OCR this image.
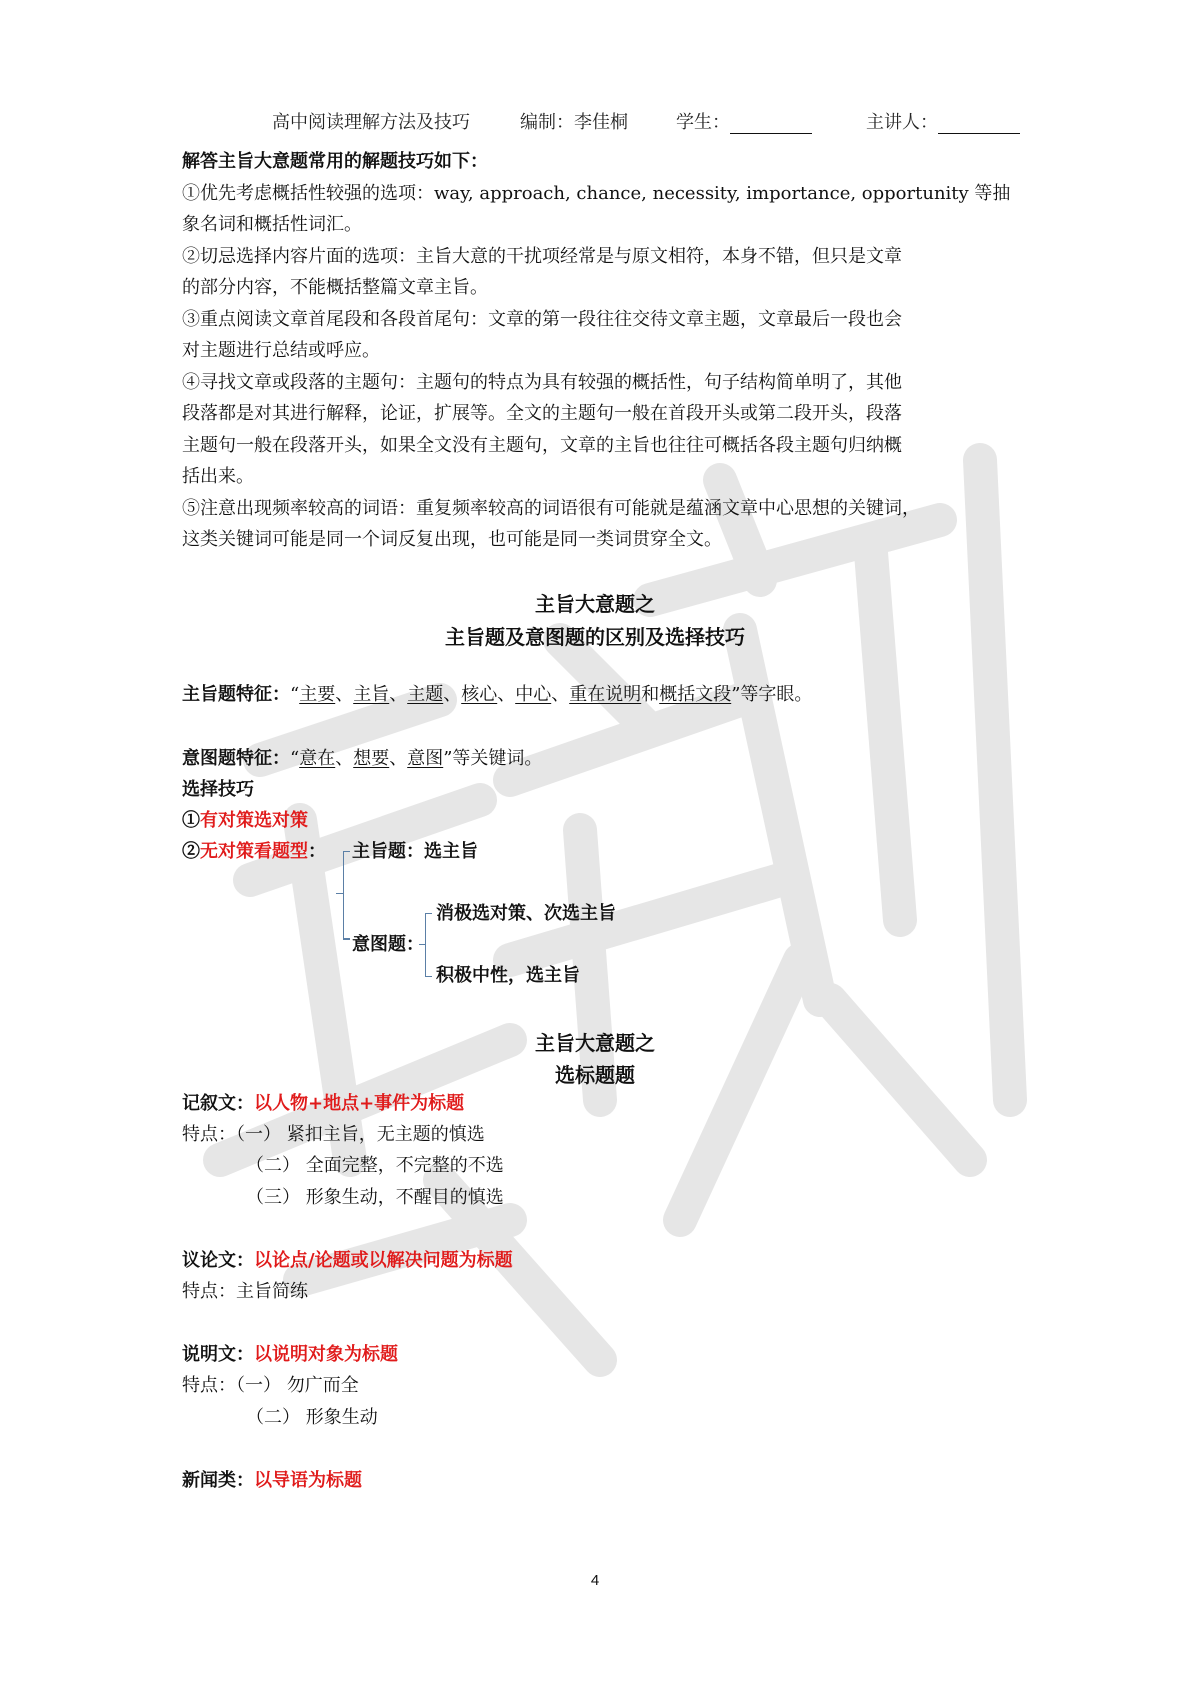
高中阅读理解方法及技巧	编制：李佳桐	学生：	主讲人：
解答主旨大意题常用的解题技巧如下：
①优先考虑概括性较强的选项：way, approach, chance, necessity, importance, opportunity 等抽
象名词和概括性词汇。
②切忌选择内容片面的选项：主旨大意的干扰项经常是与原文相符，本身不错，但只是文章
的部分内容，不能概括整篇文章主旨。
③重点阅读文章首尾段和各段首尾句：文章的第一段往往交待文章主题，文章最后一段也会
对主题进行总结或呼应。
④寻找文章或段落的主题句：主题句的特点为具有较强的概括性，句子结构简单明了，其他
段落都是对其进行解释，论证，扩展等。全文的主题句一般在首段开头或第二段开头，段落
主题句一般在段落开头，如果全文没有主题句，文章的主旨也往往可概括各段主题句归纳概
括出来。
⑤注意出现频率较高的词语：重复频率较高的词语很有可能就是蕴涵文章中心思想的关键词，
这类关键词可能是同一个词反复出现，也可能是同一类词贯穿全文。
主旨大意题之
主旨题及意图题的区别及选择技巧
主旨题特征：“主要、主旨、主题、核心、中心、重在说明和概括文段”等字眼。
意图题特征：“意在、想要、意图”等关键词。
选择技巧
①有对策选对策
②无对策看题型： 主旨题：选主旨
意图题：
消极选对策、次选主旨
积极中性，选主旨
主旨大意题之
选标题题
记叙文：以人物+地点+事件为标题
特点：（一） 紧扣主旨，无主题的慎选
（二） 全面完整，不完整的不选
（三） 形象生动，不醒目的慎选
议论文：以论点/论题或以解决问题为标题
特点：主旨简练
说明文：以说明对象为标题
特点：（一） 勿广而全
（二） 形象生动
新闻类：以导语为标题
4
